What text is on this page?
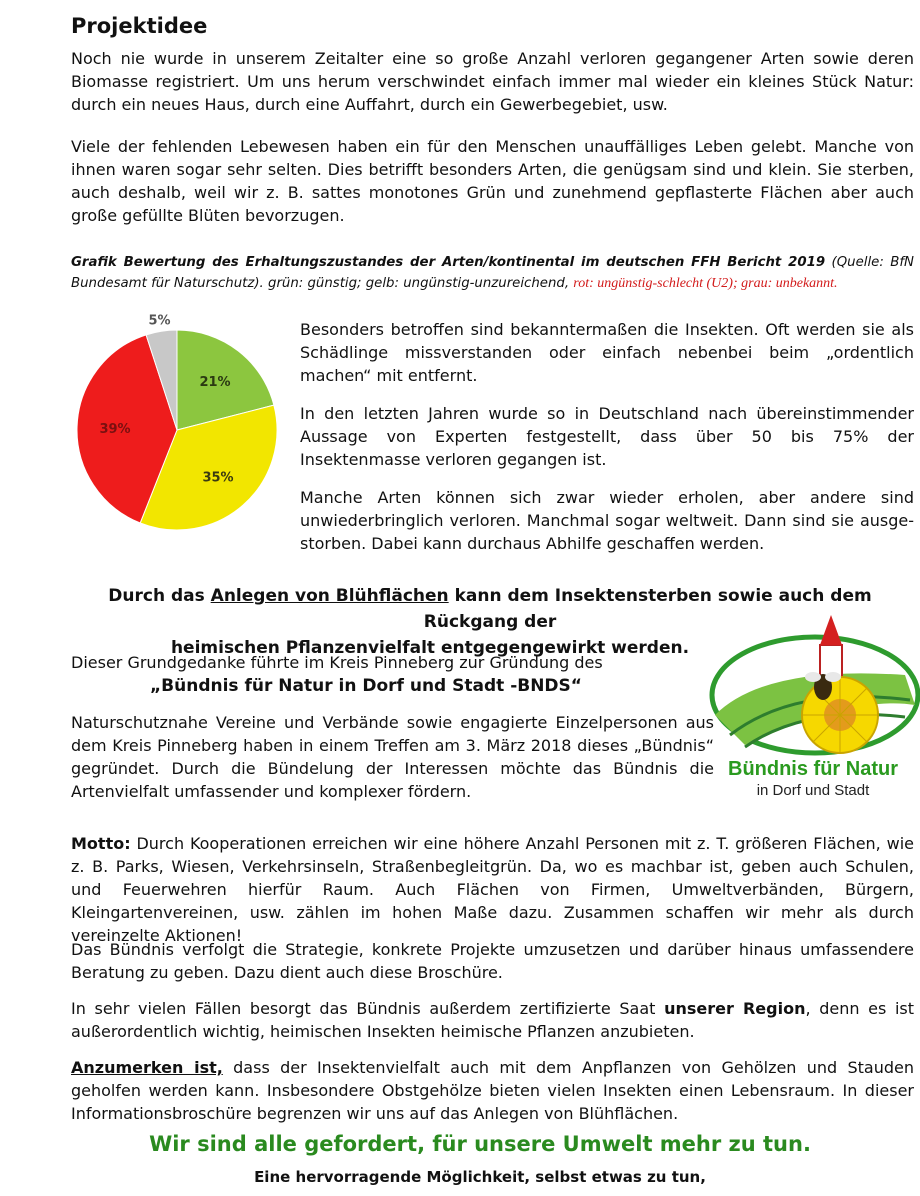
Projektidee

Noch nie wurde in unserem Zeitalter eine so große Anzahl verloren gegangener Arten sowie deren Biomasse registriert. Um uns herum verschwindet einfach immer mal wieder ein kleines Stück Natur: durch ein neues Haus, durch eine Auffahrt, durch ein Gewerbegebiet, usw.

Viele der fehlenden Lebewesen haben ein für den Menschen unauffälliges Leben gelebt. Manche von ihnen waren sogar sehr selten. Dies betrifft besonders Arten, die genügsam sind und klein. Sie sterben, auch deshalb, weil wir z. B. sattes monotones Grün und zunehmend gepflasterte Flächen aber auch große gefüllte Blüten bevorzugen.

Grafik Bewertung des Erhaltungszustandes der Arten/kontinental im deutschen FFH Bericht 2019 (Quelle: BfN Bundesamt für Naturschutz). grün: günstig; gelb: ungünstig-unzureichend, rot: ungünstig-schlecht (U2); grau: unbekannt.

21%
35%
39%
5%	Besonders betroffen sind bekanntermaßen die Insekten. Oft werden sie als Schädlinge missverstanden oder einfach nebenbei beim „ordentlich machen“ mit entfernt.

In den letzten Jahren wurde so in Deutschland nach übereinstimmender Aussage von Experten festgestellt, dass über 50 bis 75% der Insektenmasse verloren gegangen ist.

Manche Arten können sich zwar wieder erholen, aber andere sind unwiederbringlich verloren. Manchmal sogar weltweit. Dann sind sie ausge-storben. Dabei kann durchaus Abhilfe geschaffen werden.

Durch das Anlegen von Blühflächen kann dem Insektensterben sowie auch dem Rückgang der
heimischen Pflanzenvielfalt entgegengewirkt werden.

Dieser Grundgedanke führte im Kreis Pinneberg zur Gründung des

„Bündnis für Natur in Dorf und Stadt -BNDS“

Naturschutznahe Vereine und Verbände sowie engagierte Einzelpersonen aus dem Kreis Pinneberg haben in einem Treffen am 3. März 2018 dieses „Bündnis“ gegründet. Durch die Bündelung der Interessen möchte das Bündnis die Artenvielfalt umfassender und komplexer fördern.

Bündnis für Natur
in Dorf und Stadt

Motto: Durch Kooperationen erreichen wir eine höhere Anzahl Personen mit z. T. größeren Flächen, wie z. B. Parks, Wiesen, Verkehrsinseln, Straßenbegleitgrün. Da, wo es machbar ist, geben auch Schulen, und Feuerwehren hierfür Raum. Auch Flächen von Firmen, Umweltverbänden, Bürgern, Kleingartenvereinen, usw. zählen im hohen Maße dazu. Zusammen schaffen wir mehr als durch vereinzelte Aktionen!

Das Bündnis verfolgt die Strategie, konkrete Projekte umzusetzen und darüber hinaus umfassendere Beratung zu geben. Dazu dient auch diese Broschüre.

In sehr vielen Fällen besorgt das Bündnis außerdem zertifizierte Saat unserer Region, denn es ist außerordentlich wichtig, heimischen Insekten heimische Pflanzen anzubieten.

Anzumerken ist, dass der Insektenvielfalt auch mit dem Anpflanzen von Gehölzen und Stauden geholfen werden kann. Insbesondere Obstgehölze bieten vielen Insekten einen Lebensraum. In dieser Informationsbroschüre begrenzen wir uns auf das Anlegen von Blühflächen.

Wir sind alle gefordert, für unsere Umwelt mehr zu tun.
Eine hervorragende Möglichkeit, selbst etwas zu tun,
